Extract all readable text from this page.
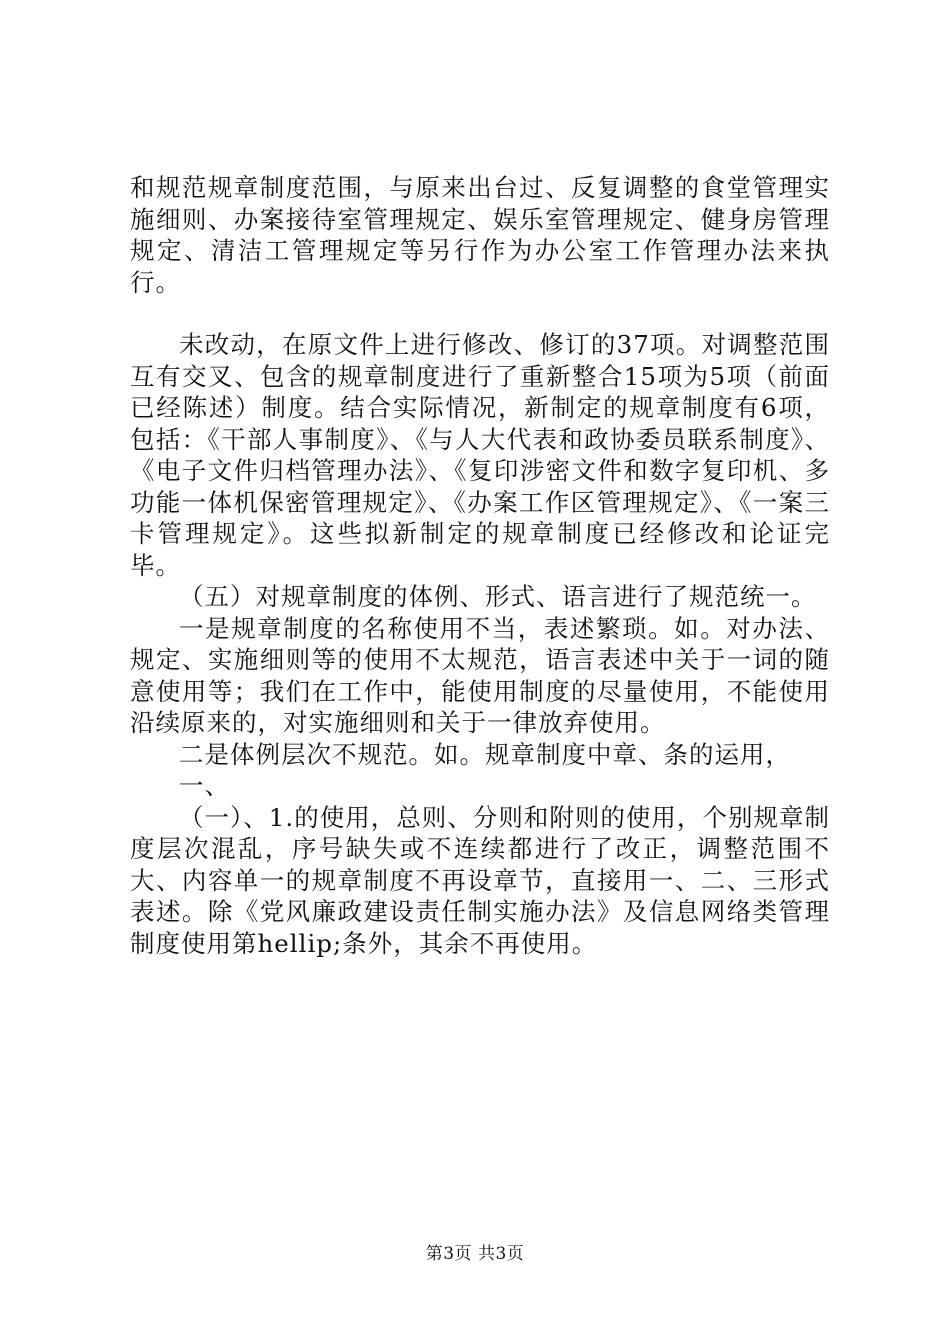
和规范规章制度范围，与原来出台过、反复调整的食堂管理实施细则、办案接待室管理规定、娱乐室管理规定、健身房管理规定、清洁工管理规定等另行作为办公室工作管理办法来执行。

未改动，在原文件上进行修改、修订的37项。对调整范围互有交叉、包含的规章制度进行了重新整合15项为5项（前面已经陈述）制度。结合实际情况，新制定的规章制度有6项，包括：《干部人事制度》、《与人大代表和政协委员联系制度》、《电子文件归档管理办法》、《复印涉密文件和数字复印机、多功能一体机保密管理规定》、《办案工作区管理规定》、《一案三卡管理规定》。这些拟新制定的规章制度已经修改和论证完毕。

（五）对规章制度的体例、形式、语言进行了规范统一。

一是规章制度的名称使用不当，表述繁琐。如。对办法、规定、实施细则等的使用不太规范，语言表述中关于一词的随意使用等；我们在工作中，能使用制度的尽量使用，不能使用沿续原来的，对实施细则和关于一律放弃使用。

二是体例层次不规范。如。规章制度中章、条的运用，

一、

（一）、1.的使用，总则、分则和附则的使用，个别规章制度层次混乱，序号缺失或不连续都进行了改正，调整范围不大、内容单一的规章制度不再设章节，直接用一、二、三形式表述。除《党风廉政建设责任制实施办法》及信息网络类管理制度使用第hellip;条外，其余不再使用。

第3页 共3页
